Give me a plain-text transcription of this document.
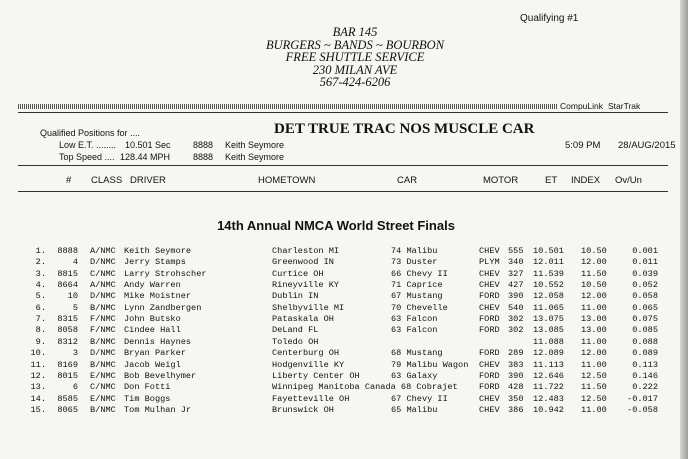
Qualifying #1
BAR 145
BURGERS ~ BANDS ~ BOURBON
FREE SHUTTLE SERVICE
230 MILAN AVE
567-424-6206
CompuLink StarTrak
Qualified Positions for ....
Low E.T. ........ 10.501 Sec 8888 Keith Seymore
Top Speed .... 128.44 MPH	8888 Keith Seymore
DET TRUE TRAC NOS MUSCLE CAR
5:09 PM 28/AUG/2015
# CLASS DRIVER	HOMETOWN	CAR	MOTOR	ET INDEX Ov/Un
14th Annual NMCA World Street Finals
1.	8888 A/NMC Keith Seymore	Charleston MI	74 Malibu	CHEV 555 10.501 10.50	0.001
2.	4 D/NMC Jerry Stamps	Greenwood IN	73 Duster	PLYM 340 12.011 12.00	0.011
3.	8815 C/NMC Larry Strohscher	Curtice OH	66 Chevy II	CHEV 327 11.539 11.50	0.039
4.	8664 A/NMC Andy Warren	Rineyville KY	71 Caprice	CHEV 427 10.552 10.50	0.052
5.	10 D/NMC Mike Moistner	Dublin IN	67 Mustang	FORD 390 12.058 12.00	0.058
6.	5 B/NMC Lynn Zandbergen	Shelbyville MI	70 Chevelle	CHEV 540 11.065 11.00	0.065
7.	8315 F/NMC John Butsko	Pataskala OH	63 Falcon	FORD 302 13.075 13.00	0.075
8.	8058 F/NMC Cindee Hall	DeLand FL	63 Falcon	FORD 302 13.085 13.00	0.085
9.	8312 B/NMC Dennis Haynes	Toledo OH	11.088 11.00	0.088
10.	3 D/NMC Bryan Parker	Centerburg OH	68 Mustang	FORD 289 12.089 12.00	0.089
11.	8169 B/NMC Jacob Weigl	Hodgenville KY	79 Malibu Wagon CHEV 383 11.113 11.00	0.113
12.	8015 E/NMC Bob Bevelhymer	Liberty Center OH	63 Galaxy	FORD 390 12.646 12.50	0.146
13.	6 C/NMC Don Fotti	Winnipeg Manitoba Canada 68 Cobrajet FORD 428 11.722 11.50	0.222
14.	8585 E/NMC Tim Boggs	Fayetteville OH	67 Chevy II	CHEV 350 12.483 12.50	-0.017
15.	8065 B/NMC Tom Mulhan Jr	Brunswick OH	65 Malibu	CHEV 386 10.942 11.00	-0.058
